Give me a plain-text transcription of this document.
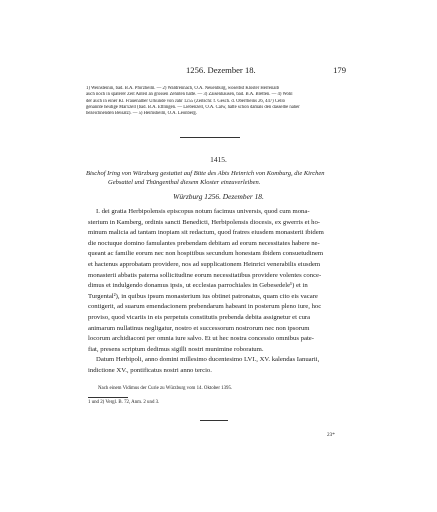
1256. Dezember 18.	179
1) Weinsteinin, bad. B.A. Pforzheim. — 2) Waldrennach, O.A. Neuenbürg, woselbst Kloster Herrenalb
auch noch in späterer Zeit Anteil an grossen Zehnten hatte. — 3) Zaisenhausen, bad. B.A. Bretten. — 4) Wohl
der auch in einer Kl. Frauenalber Urkunde von Jahr 1255 (Zeitschr. f. Gesch. d. Oberrheins 26, 447) Cello
genannte heutige Marxzell (bad. B.A. Ettlingen. — Liebenzell, O.A. Calw, hatte schon damals den dasselbe näher
bezeichnenden Beisatz). — 5) Heimsheim, O.A. Leonberg.
1415.
Bischof Iring von Würzburg gestattet auf Bitte des Abts Heinrich von Komburg, die Kirchen
Gebsattel und Thüngenthal diesem Kloster einzuverleiben.
Würzburg 1256. Dezember 18.
I. dei gratia Herbipolensis episcopus notum facimus universis, quod cum mona-
sterium in Kamberg, ordinis sancti Benedicti, Herbipolensis diocesis, ex gwerris et ho-
minum malicia ad tantam inopiam sit redactum, quod fratres eiusdem monasterii ibidem
die noctuque domino famulantes prebendam debitam ad eorum necessitates habere ne-
queant ac familie eorum nec non hospitibus secundum honestam ibidem consuetudinem
et hactenus approbatam providere, nos ad supplicationem Heinrici venerabilis eiusdem
monasterii abbatis paterna sollicitudine eorum necessitatibus providere volentes conce-
dimus et indulgendo donamus ipsis, ut ecclesias parrochiales in Gebesedele¹) et in
Turgental²), in quibus ipsum monasterium ius obtinet patronatus, quam cito eis vacare
contigerit, ad suarum emendacionem prebendarum habeant in posterum pleno iure, hoc
proviso, quod vicariis in eis perpetuis constitutis prebenda debita assignetur et cura
animarum nullatinus negligatur, nostro et successorum nostrorum nec non ipsorum
locorum archidiaconi per omnia iure salvo. Et ut hec nostra concessio omnibus pate-
fiat, presens scriptum dedimus sigilli nostri munimine roboratum.
Datum Herbipoli, anno domini millesimo ducentesimo LVI., XV. kalendas Ianuarii,
indictione XV., pontificatus nostri anno tercio.
Nach einem Vidimus der Curie zu Würzburg vom 14. Oktober 1395.
1 und 2) Vergl. B. 72, Anm. 2 und 3.
23*
